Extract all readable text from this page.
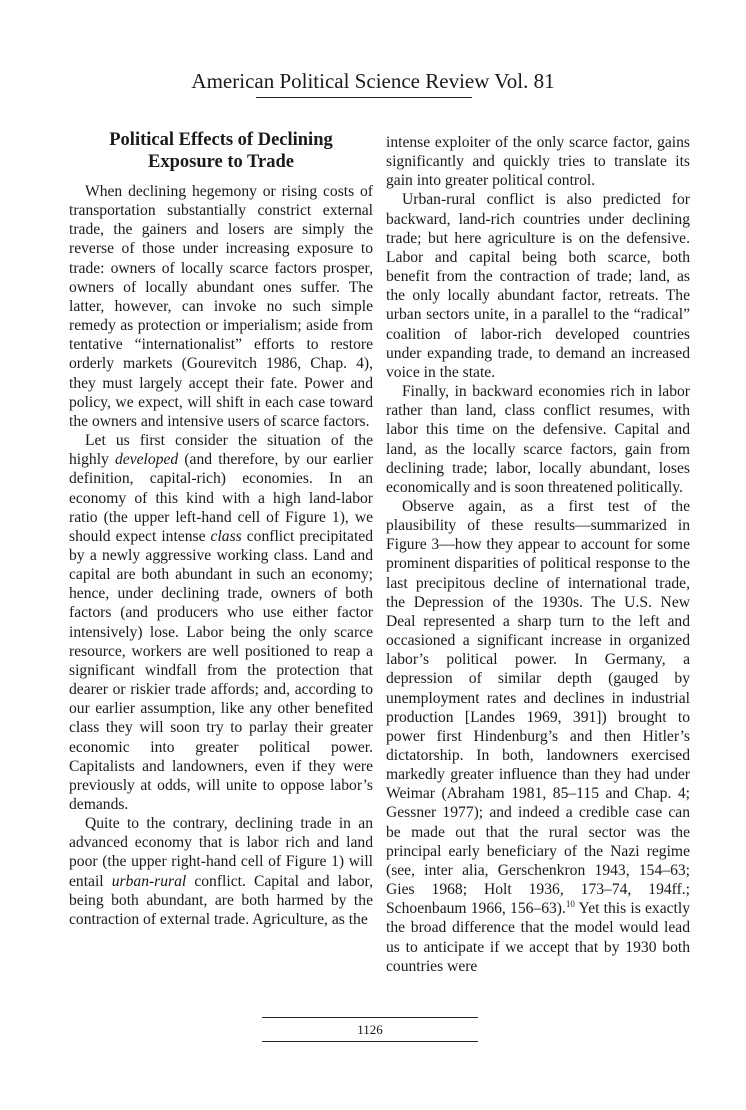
American Political Science Review Vol. 81
Political Effects of Declining
Exposure to Trade

When declining hegemony or rising costs of transportation substantially constrict external trade, the gainers and losers are simply the reverse of those under increasing exposure to trade: owners of locally scarce factors prosper, owners of locally abundant ones suffer. The latter, however, can invoke no such simple remedy as protection or imperialism; aside from tentative “internationalist” efforts to restore orderly markets (Gourevitch 1986, Chap. 4), they must largely accept their fate. Power and policy, we expect, will shift in each case toward the owners and intensive users of scarce factors.

Let us first consider the situation of the highly developed (and therefore, by our earlier definition, capital-rich) economies. In an economy of this kind with a high land-labor ratio (the upper left-hand cell of Figure 1), we should expect intense class conflict precipitated by a newly aggressive working class. Land and capital are both abundant in such an economy; hence, under declining trade, owners of both factors (and producers who use either factor intensively) lose. Labor being the only scarce resource, workers are well positioned to reap a significant windfall from the protection that dearer or riskier trade affords; and, according to our earlier assumption, like any other benefited class they will soon try to parlay their greater economic into greater political power. Capitalists and landowners, even if they were previously at odds, will unite to oppose labor’s demands.

Quite to the contrary, declining trade in an advanced economy that is labor rich and land poor (the upper right-hand cell of Figure 1) will entail urban-rural conflict. Capital and labor, being both abundant, are both harmed by the contraction of external trade. Agriculture, as the

intense exploiter of the only scarce factor, gains significantly and quickly tries to translate its gain into greater political control.

Urban-rural conflict is also predicted for backward, land-rich countries under declining trade; but here agriculture is on the defensive. Labor and capital being both scarce, both benefit from the contraction of trade; land, as the only locally abundant factor, retreats. The urban sectors unite, in a parallel to the “radical” coalition of labor-rich developed countries under expanding trade, to demand an increased voice in the state.

Finally, in backward economies rich in labor rather than land, class conflict resumes, with labor this time on the defensive. Capital and land, as the locally scarce factors, gain from declining trade; labor, locally abundant, loses economically and is soon threatened politically.

Observe again, as a first test of the plausibility of these results—summarized in Figure 3—how they appear to account for some prominent disparities of political response to the last precipitous decline of international trade, the Depression of the 1930s. The U.S. New Deal represented a sharp turn to the left and occasioned a significant increase in organized labor’s political power. In Germany, a depression of similar depth (gauged by unemployment rates and declines in industrial production [Landes 1969, 391]) brought to power first Hindenburg’s and then Hitler’s dictatorship. In both, landowners exercised markedly greater influence than they had under Weimar (Abraham 1981, 85–115 and Chap. 4; Gessner 1977); and indeed a credible case can be made out that the rural sector was the principal early beneficiary of the Nazi regime (see, inter alia, Gerschenkron 1943, 154–63; Gies 1968; Holt 1936, 173–74, 194ff.; Schoenbaum 1966, 156–63).$^{10}$ Yet this is exactly the broad difference that the model would lead us to anticipate if we accept that by 1930 both countries were

1126
